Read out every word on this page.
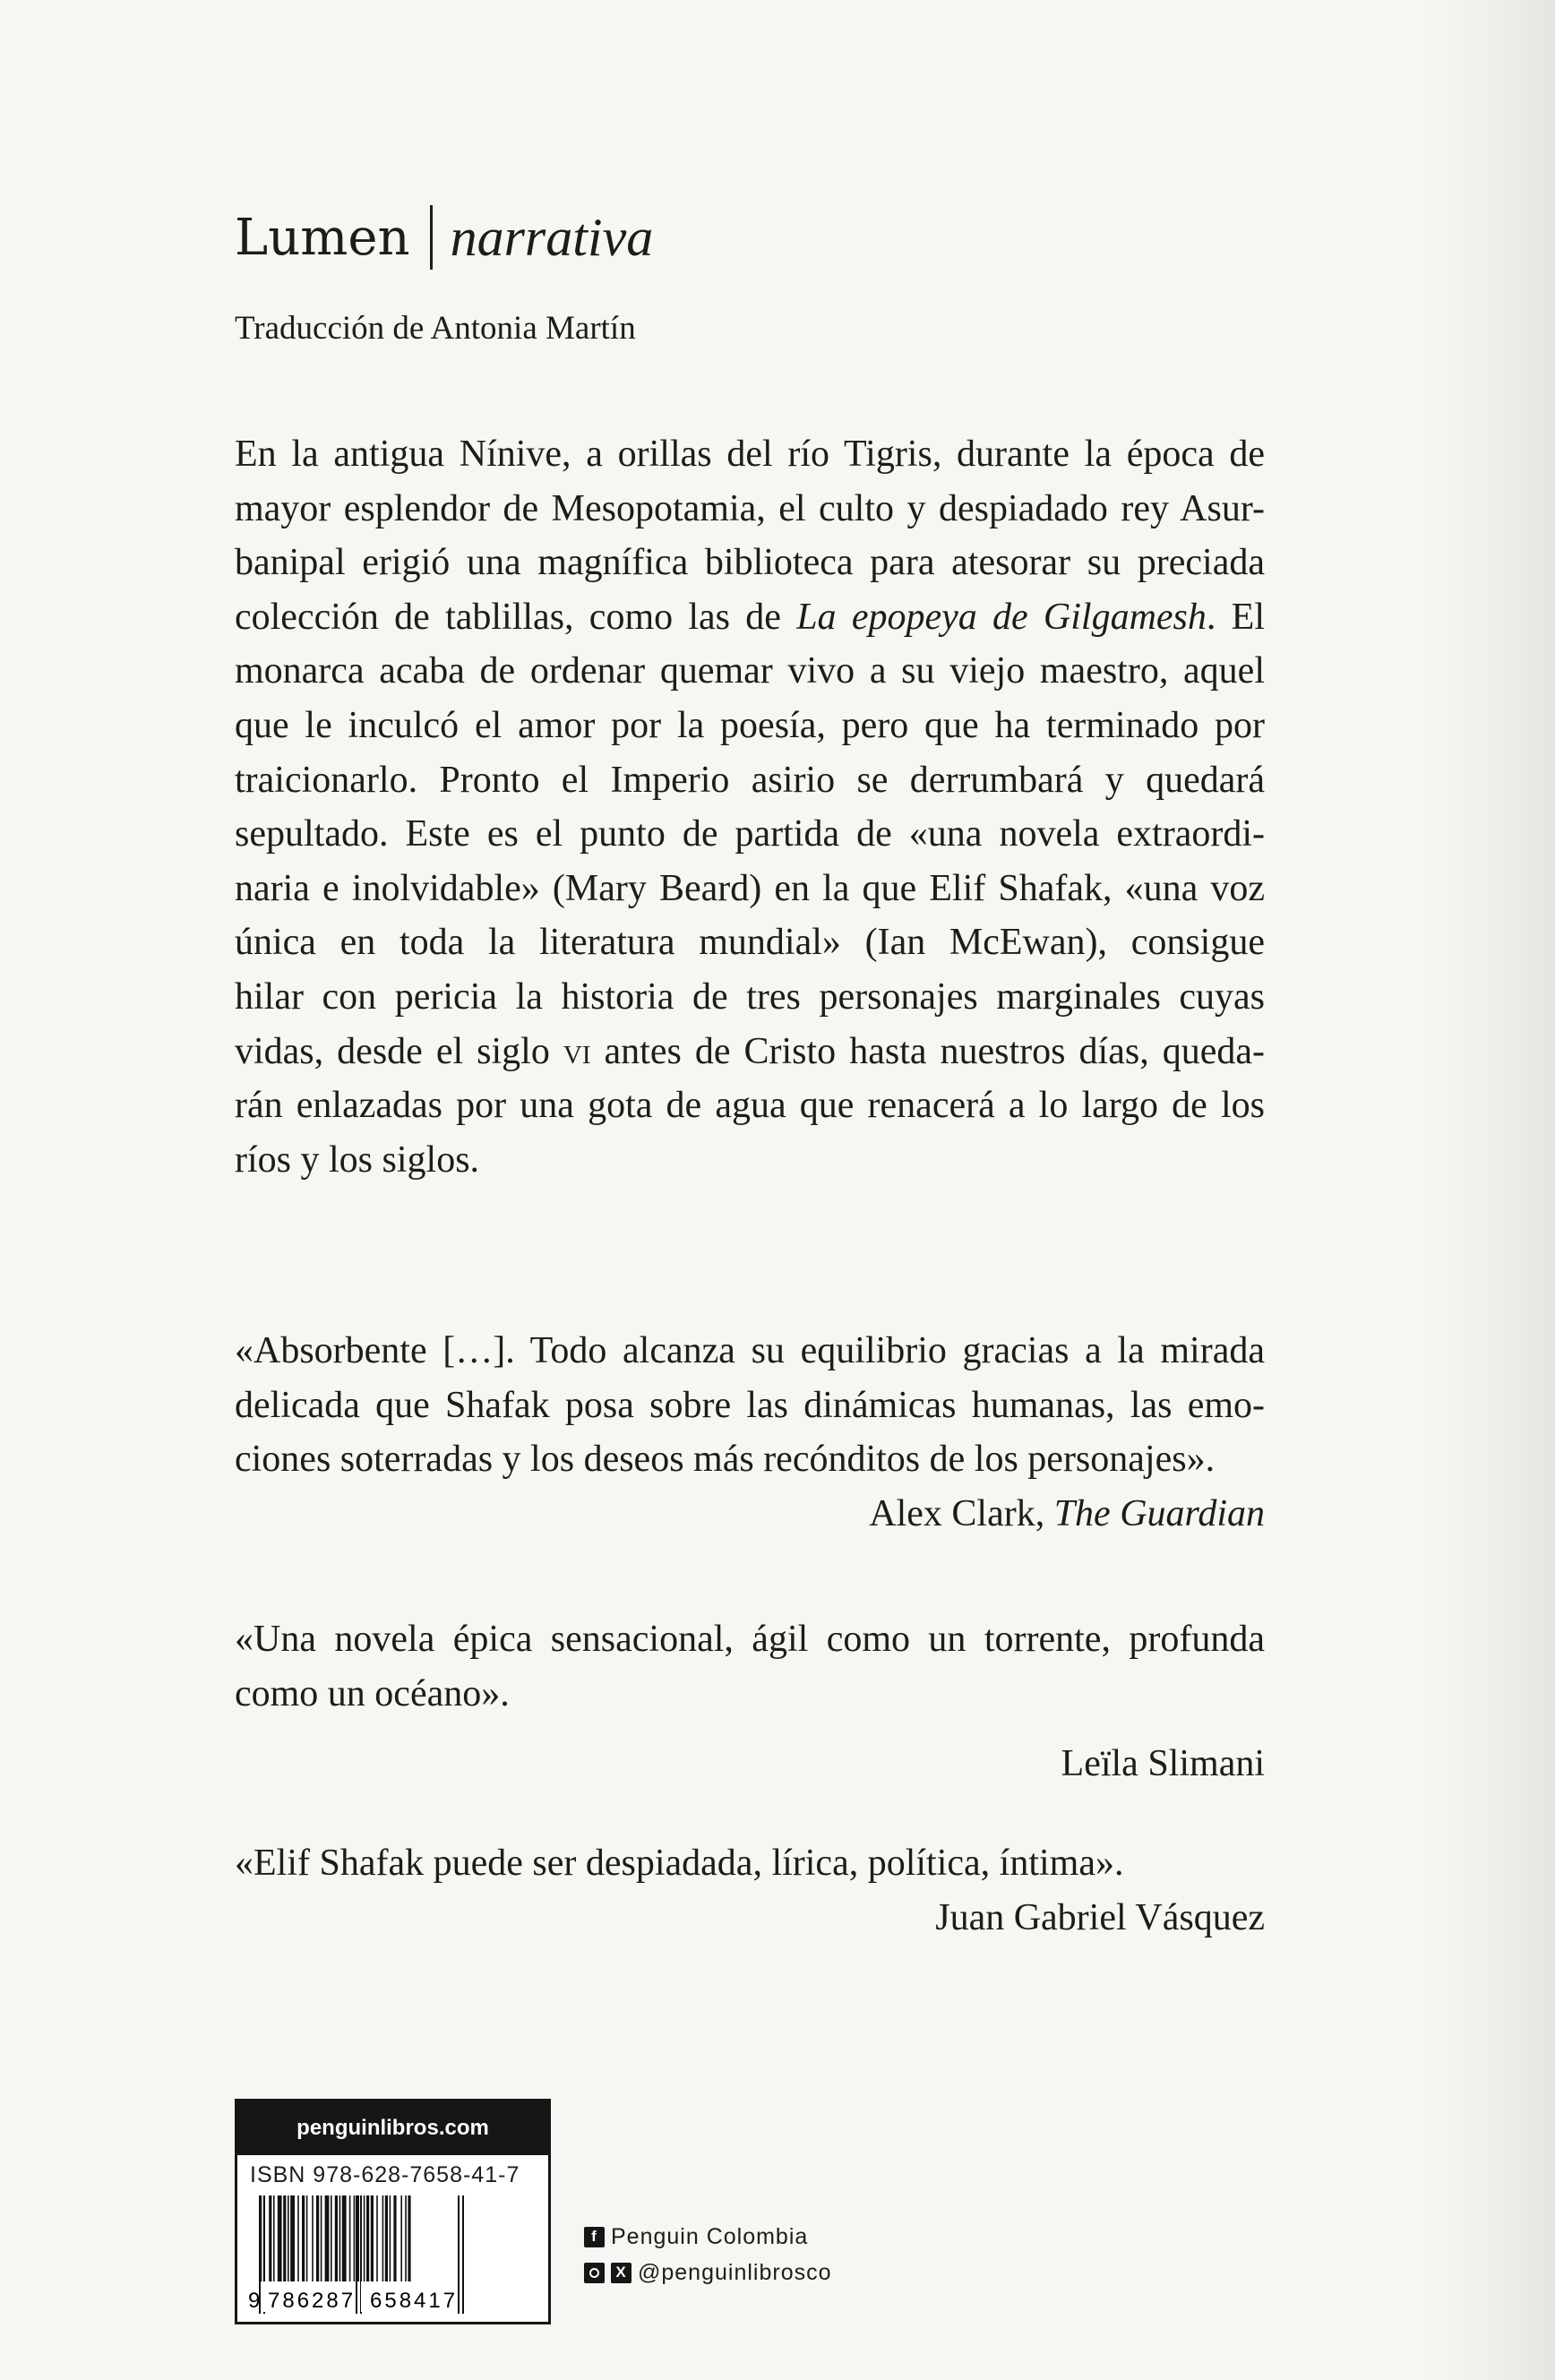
Lumen narrativa
Traducción de Antonia Martín
En la antigua Nínive, a orillas del río Tigris, durante la época de
mayor esplendor de Mesopotamia, el culto y despiadado rey Asur-
banipal erigió una magnífica biblioteca para atesorar su preciada
colección de tablillas, como las de La epopeya de Gilgamesh. El
monarca acaba de ordenar quemar vivo a su viejo maestro, aquel
que le inculcó el amor por la poesía, pero que ha terminado por
traicionarlo. Pronto el Imperio asirio se derrumbará y quedará
sepultado. Este es el punto de partida de «una novela extraordi-
naria e inolvidable» (Mary Beard) en la que Elif Shafak, «una voz
única en toda la literatura mundial» (Ian McEwan), consigue
hilar con pericia la historia de tres personajes marginales cuyas
vidas, desde el siglo vi antes de Cristo hasta nuestros días, queda-
rán enlazadas por una gota de agua que renacerá a lo largo de los
ríos y los siglos.
«Absorbente […]. Todo alcanza su equilibrio gracias a la mirada
delicada que Shafak posa sobre las dinámicas humanas, las emo-
ciones soterradas y los deseos más recónditos de los personajes».
Alex Clark, The Guardian
«Una novela épica sensacional, ágil como un torrente, profunda
como un océano».
Leïla Slimani
«Elif Shafak puede ser despiadada, lírica, política, íntima».
Juan Gabriel Vásquez
penguinlibros.com
ISBN 978-628-7658-41-7
9 786287 658417
f Penguin Colombia
X @penguinlibrosco
